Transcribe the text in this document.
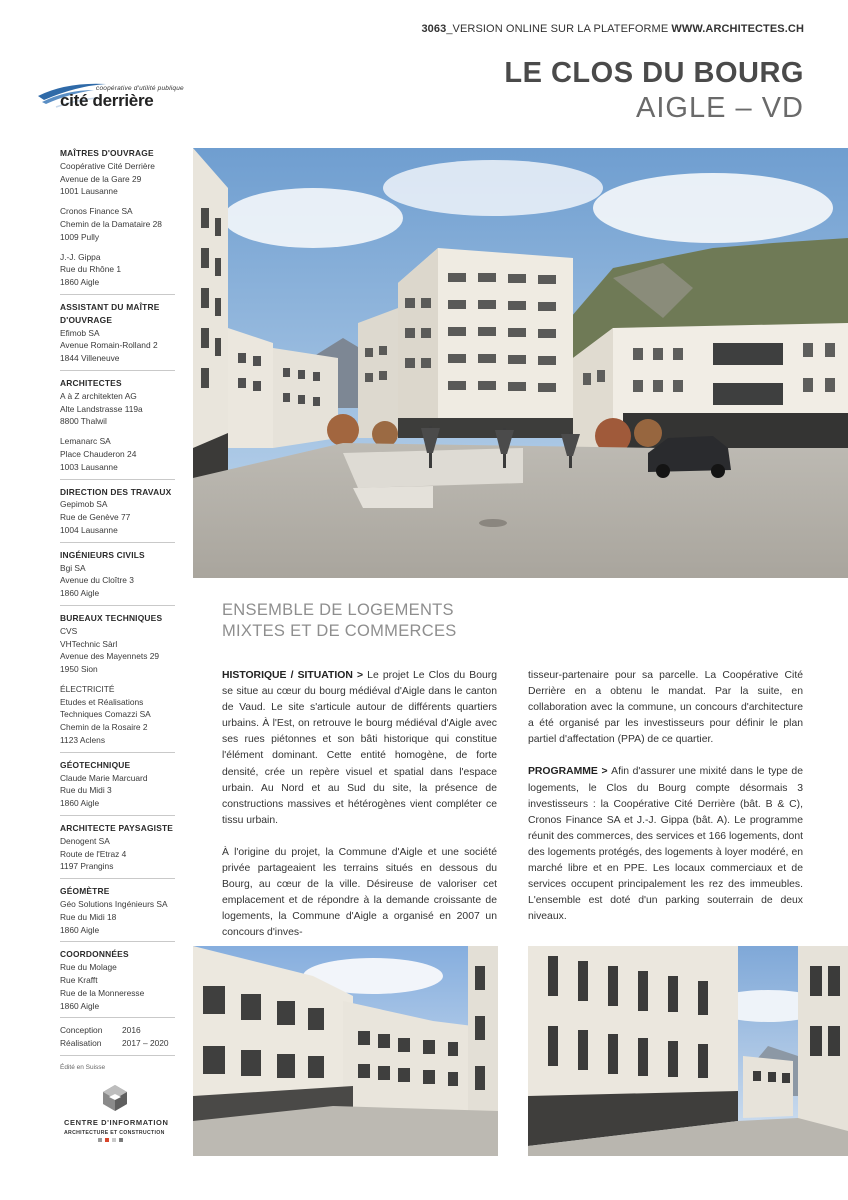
3063_VERSION ONLINE SUR LA PLATEFORME WWW.ARCHITECTES.CH
LE CLOS DU BOURG
AIGLE – VD
coopérative d'utilité publique
cité derrière
MAÎTRES D'OUVRAGE
Coopérative Cité Derrière
Avenue de la Gare 29
1001 Lausanne
Cronos Finance SA
Chemin de la Damataire 28
1009 Pully
J.-J. Gippa
Rue du Rhône 1
1860 Aigle
ASSISTANT DU MAÎTRE D'OUVRAGE
Efimob SA
Avenue Romain-Rolland 2
1844 Villeneuve
ARCHITECTES
A à Z architekten AG
Alte Landstrasse 119a
8800 Thalwil
Lemanarc SA
Place Chauderon 24
1003 Lausanne
DIRECTION DES TRAVAUX
Gepimob SA
Rue de Genève 77
1004 Lausanne
INGÉNIEURS CIVILS
Bgi SA
Avenue du Cloître 3
1860 Aigle
BUREAUX TECHNIQUES
CVS
VHTechnic Sàrl
Avenue des Mayennets 29
1950 Sion
ÉLECTRICITÉ
Etudes et Réalisations
Techniques Comazzi SA
Chemin de la Rosaire 2
1123 Aclens
GÉOTECHNIQUE
Claude Marie Marcuard
Rue du Midi 3
1860 Aigle
ARCHITECTE PAYSAGISTE
Denogent SA
Route de l'Etraz 4
1197 Prangins
GÉOMÈTRE
Géo Solutions Ingénieurs SA
Rue du Midi 18
1860 Aigle
COORDONNÉES
Rue du Molage
Rue Krafft
Rue de la Monneresse
1860 Aigle
Conception	2016
Réalisation	2017 – 2020
Édité en Suisse
CENTRE D'INFORMATION
ARCHITECTURE ET CONSTRUCTION
ENSEMBLE DE LOGEMENTS
MIXTES ET DE COMMERCES

HISTORIQUE / SITUATION > Le projet Le Clos du Bourg se situe au cœur du bourg médiéval d'Aigle dans le canton de Vaud. Le site s'articule autour de différents quartiers urbains. À l'Est, on retrouve le bourg médiéval d'Aigle avec ses rues piétonnes et son bâti historique qui constitue l'élément dominant. Cette entité homogène, de forte densité, crée un repère visuel et spatial dans l'espace urbain. Au Nord et au Sud du site, la présence de constructions massives et hétérogènes vient compléter ce tissu urbain.

À l'origine du projet, la Commune d'Aigle et une société privée partageaient les terrains situés en dessous du Bourg, au cœur de la ville. Désireuse de valoriser cet emplacement et de répondre à la demande croissante de logements, la Commune d'Aigle a organisé en 2007 un concours d'inves-

tisseur-partenaire pour sa parcelle. La Coopérative Cité Derrière en a obtenu le mandat. Par la suite, en collaboration avec la commune, un concours d'architecture a été organisé par les investisseurs pour définir le plan partiel d'affectation (PPA) de ce quartier.

PROGRAMME > Afin d'assurer une mixité dans le type de logements, le Clos du Bourg compte désormais 3 investisseurs : la Coopérative Cité Derrière (bât. B & C), Cronos Finance SA et J.-J. Gippa (bât. A). Le programme réunit des commerces, des services et 166 logements, dont des logements protégés, des logements à loyer modéré, en marché libre et en PPE. Les locaux commerciaux et de services occupent principalement les rez des immeubles. L'ensemble est doté d'un parking souterrain de deux niveaux.
